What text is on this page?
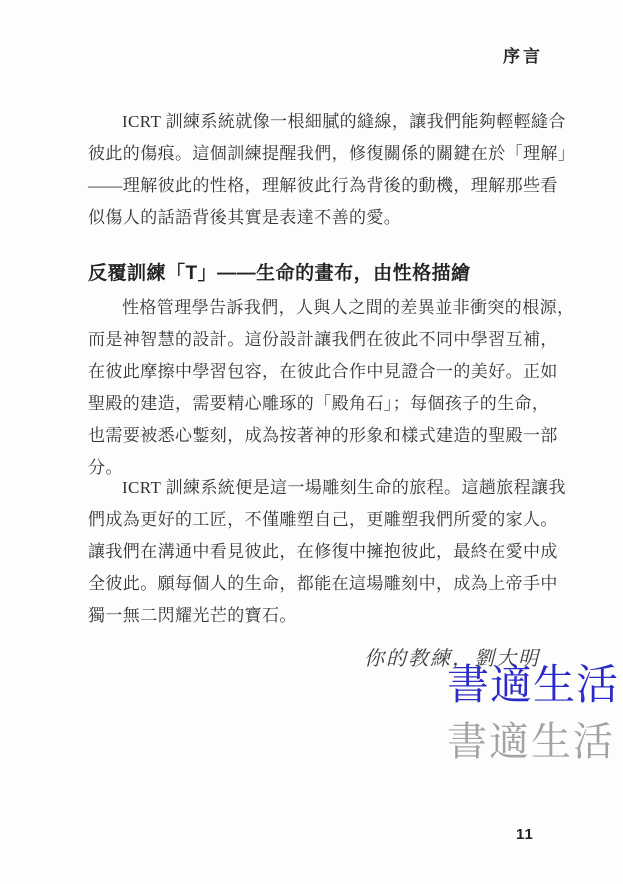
序言
ICRT 訓練系統就像一根細膩的縫線，讓我們能夠輕輕縫合
彼此的傷痕。這個訓練提醒我們，修復關係的關鍵在於「理解」
——理解彼此的性格，理解彼此行為背後的動機，理解那些看
似傷人的話語背後其實是表達不善的愛。
反覆訓練「T」——生命的畫布，由性格描繪
性格管理學告訴我們，人與人之間的差異並非衝突的根源，
而是神智慧的設計。這份設計讓我們在彼此不同中學習互補，
在彼此摩擦中學習包容，在彼此合作中見證合一的美好。正如
聖殿的建造，需要精心雕琢的「殿角石」；每個孩子的生命，
也需要被悉心鏨刻，成為按著神的形象和樣式建造的聖殿一部
分。
ICRT 訓練系統便是這一場雕刻生命的旅程。這趟旅程讓我
們成為更好的工匠，不僅雕塑自己，更雕塑我們所愛的家人。
讓我們在溝通中看見彼此，在修復中擁抱彼此，最終在愛中成
全彼此。願每個人的生命，都能在這場雕刻中，成為上帝手中
獨一無二閃耀光芒的寶石。
你的教練，劉大明
書適生活
書適生活
11
